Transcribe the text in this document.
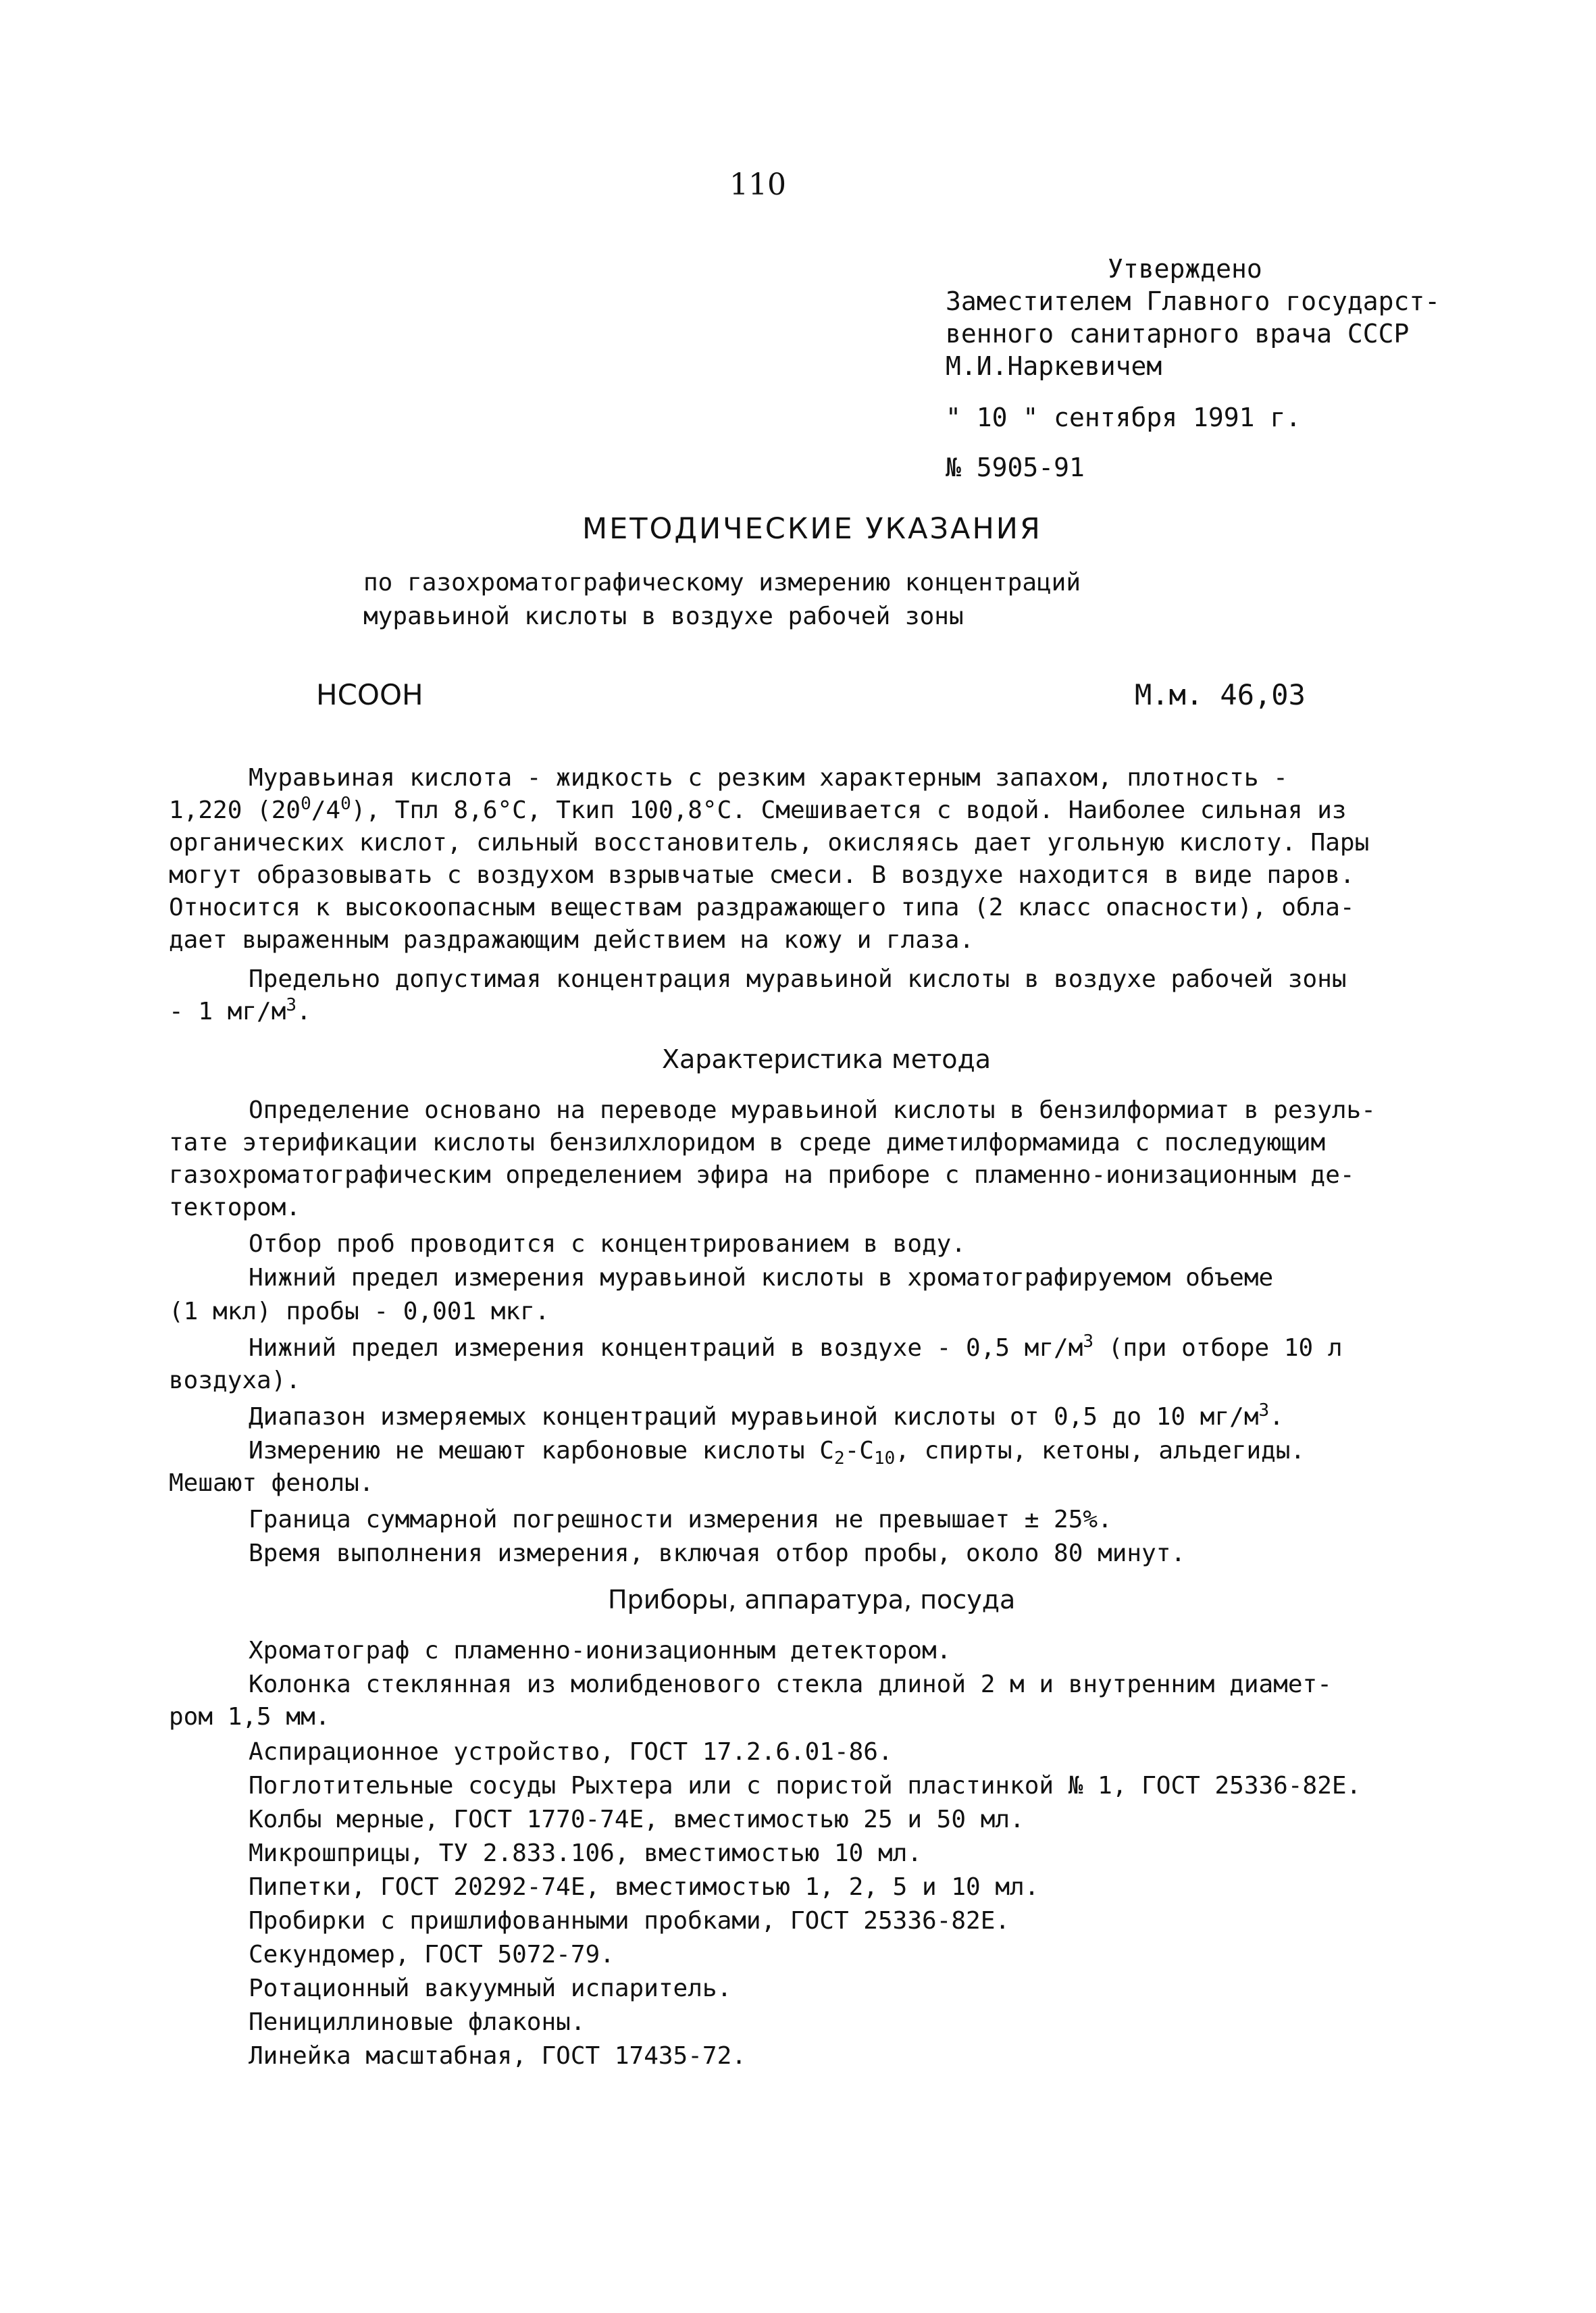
110
Утверждено
Заместителем Главного государст-
венного санитарного врача СССР
М.И.Наркевичем
" 10 " сентября 1991 г.
№ 5905-91
МЕТОДИЧЕСКИЕ УКАЗАНИЯ
по газохроматографическому измерению концентраций
муравьиной кислоты в воздухе рабочей зоны
НСООН	М.м. 46,03
Муравьиная кислота - жидкость с резким характерным запахом, плотность -
1,220 $(20^0/4^0)$, Тпл 8,6°С, Ткип 100,8°С. Смешивается с водой. Наиболее сильная из
органических кислот, сильный восстановитель, окисляясь дает угольную кислоту. Пары
могут образовывать с воздухом взрывчатые смеси. В воздухе находится в виде паров.
Относится к высокоопасным веществам раздражающего типа (2 класс опасности), обла-
дает выраженным раздражающим действием на кожу и глаза.
Предельно допустимая концентрация муравьиной кислоты в воздухе рабочей зоны
- 1 $мг/м^3$.
Характеристика метода
Определение основано на переводе муравьиной кислоты в бензилформиат в резуль-
тате этерификации кислоты бензилхлоридом в среде диметилформамида с последующим
газохроматографическим определением эфира на приборе с пламенно-ионизационным де-
тектором.
Отбор проб проводится с концентрированием в воду.
Нижний предел измерения муравьиной кислоты в хроматографируемом объеме
(1 мкл) пробы - 0,001 мкг.
Нижний предел измерения концентраций в воздухе - 0,5 $мг/м^3$ (при отборе 10 л
воздуха).
Диапазон измеряемых концентраций муравьиной кислоты от 0,5 до 10 $мг/м^3$.
Измерению не мешают карбоновые кислоты $С_2-С_{10}$, спирты, кетоны, альдегиды.
Мешают фенолы.
Граница суммарной погрешности измерения не превышает ± 25%.
Время выполнения измерения, включая отбор пробы, около 80 минут.
Приборы, аппаратура, посуда
Хроматограф с пламенно-ионизационным детектором.
Колонка стеклянная из молибденового стекла длиной 2 м и внутренним диамет-
ром 1,5 мм.
Аспирационное устройство, ГОСТ 17.2.6.01-86.
Поглотительные сосуды Рыхтера или с пористой пластинкой № 1, ГОСТ 25336-82Е.
Колбы мерные, ГОСТ 1770-74Е, вместимостью 25 и 50 мл.
Микрошприцы, ТУ 2.833.106, вместимостью 10 мл.
Пипетки, ГОСТ 20292-74Е, вместимостью 1, 2, 5 и 10 мл.
Пробирки с пришлифованными пробками, ГОСТ 25336-82Е.
Секундомер, ГОСТ 5072-79.
Ротационный вакуумный испаритель.
Пенициллиновые флаконы.
Линейка масштабная, ГОСТ 17435-72.
